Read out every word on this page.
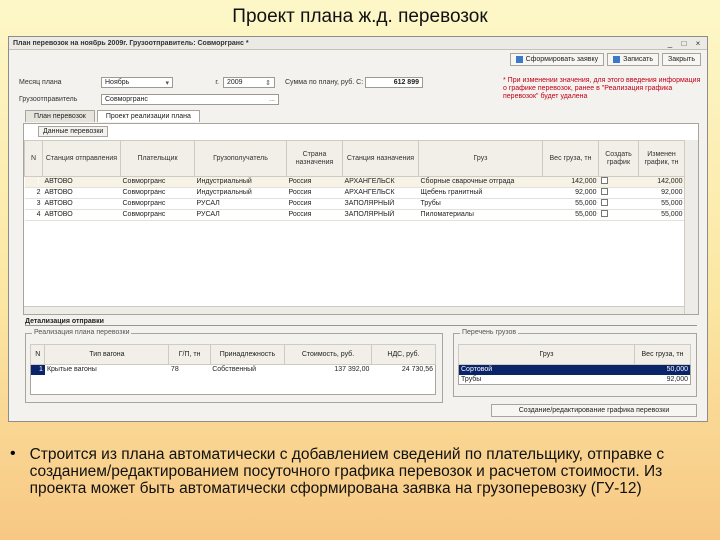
Проект плана ж.д. перевозок
План перевозок на ноябрь 2009г. Грузоотправитель: Совморгранс *	_	□	×
Сформировать заявку	Записать Закрыть
Месяц плана	Ноябрь	▾	г. 2009	⇕ Сумма по плану, руб. С:	612 899
Грузоотправитель	Совморгранс	...
* При изменении значения, для этого введения информация о графике перевозок, ранее в "Реализация графика перевозок" будет удалена
План перевозок	Проект реализации плана
Данные перевозки
N	Станция отправления	Плательщик	Грузополучатель	Страна назначения	Станция назначения	Груз	Вес груза, тн	Создать график	Изменен график, тн
1	АВТОВО	Совморгранс	Индустриальный	Россия	АРХАНГЕЛЬСК	Сборные сварочные отграда	142,000		142,000
2	АВТОВО	Совморгранс	Индустриальный	Россия	АРХАНГЕЛЬСК	Щебень гранитный	92,000		92,000
3	АВТОВО	Совморгранс	РУСАЛ	Россия	ЗАПОЛЯРНЫЙ	Трубы	55,000		55,000
4	АВТОВО	Совморгранс	РУСАЛ	Россия	ЗАПОЛЯРНЫЙ	Пиломатериалы	55,000		55,000
Детализация отправки
Реализация плана перевозки
N	Тип вагона	Г/П, тн	Принадлежность	Стоимость, руб.	НДС, руб.
1	Крытые вагоны	78	Собственный	137 392,00	24 730,56

Перечень грузов
Груз	Вес груза, тн
Сортовой	50,000
Трубы	92,000
Создание/редактирование графика перевозки
• Строится из плана автоматически с добавлением сведений по плательщику, отправке с созданием/редактированием посуточного графика перевозок и расчетом стоимости. Из проекта может быть автоматически сформирована заявка на грузоперевозку (ГУ-12)
